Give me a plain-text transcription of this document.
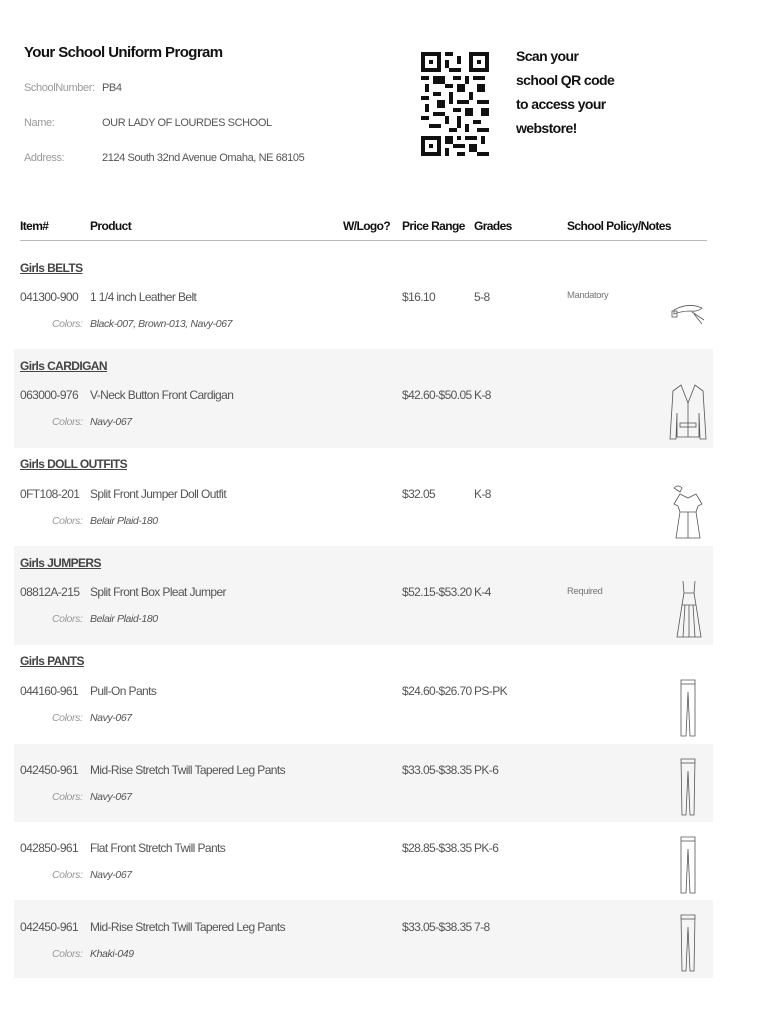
Your School Uniform Program
SchoolNumber: PB4
Name:	OUR LADY OF LOURDES SCHOOL
Address:	2124 South 32nd Avenue Omaha, NE 68105
Scan your
school QR code
to access your
webstore!
Item#	Product	W/Logo? Price Range Grades	School Policy/Notes
Girls BELTS
041300-900 1 1/4 inch Leather Belt	$16.10	5-8	Mandatory
Colors: Black-007, Brown-013, Navy-067
Girls CARDIGAN
063000-976 V-Neck Button Front Cardigan	$42.60-$50.05 K-8
Colors: Navy-067
Girls DOLL OUTFITS
0FT108-201 Split Front Jumper Doll Outfit	$32.05	K-8
Colors: Belair Plaid-180
Girls JUMPERS
08812A-215 Split Front Box Pleat Jumper	$52.15-$53.20 K-4	Required
Colors: Belair Plaid-180
Girls PANTS
044160-961 Pull-On Pants	$24.60-$26.70 PS-PK
Colors: Navy-067
042450-961 Mid-Rise Stretch Twill Tapered Leg Pants	$33.05-$38.35 PK-6
Colors: Navy-067
042850-961 Flat Front Stretch Twill Pants	$28.85-$38.35 PK-6
Colors: Navy-067
042450-961 Mid-Rise Stretch Twill Tapered Leg Pants	$33.05-$38.35 7-8
Colors: Khaki-049
